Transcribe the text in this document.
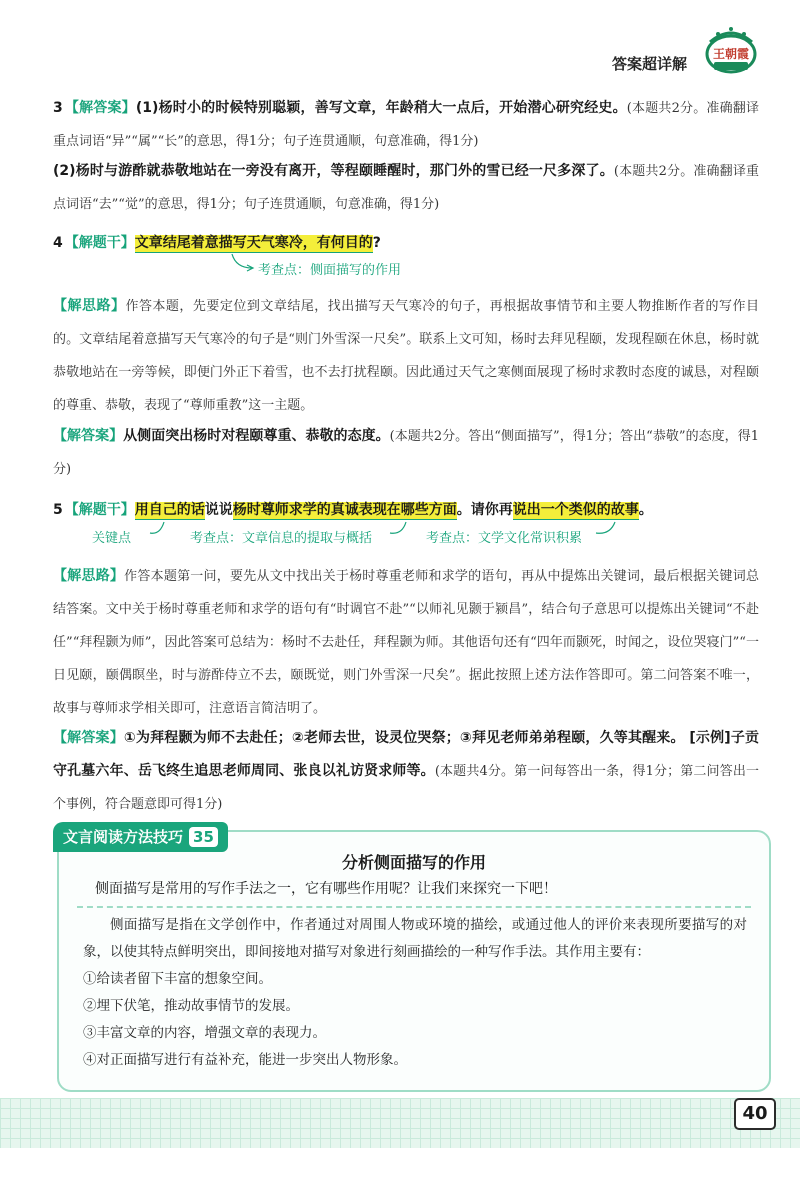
答案超详解
王朝霞
3 【解答案】(1)杨时小的时候特别聪颖，善写文章，年龄稍大一点后，开始潜心研究经史。(本题共2分。准确翻译重点词语“异”“属”“长”的意思，得1分；句子连贯通顺，句意准确，得1分)
(2)杨时与游酢就恭敬地站在一旁没有离开，等程颐睡醒时，那门外的雪已经一尺多深了。(本题共2分。准确翻译重点词语“去”“觉”的意思，得1分；句子连贯通顺，句意准确，得1分)
4 【解题干】文章结尾着意描写天气寒冷，有何目的?
考查点：侧面描写的作用
【解思路】作答本题，先要定位到文章结尾，找出描写天气寒冷的句子，再根据故事情节和主要人物推断作者的写作目的。文章结尾着意描写天气寒冷的句子是“则门外雪深一尺矣”。联系上文可知，杨时去拜见程颐，发现程颐在休息，杨时就恭敬地站在一旁等候，即便门外正下着雪，也不去打扰程颐。因此通过天气之寒侧面展现了杨时求教时态度的诚恳，对程颐的尊重、恭敬，表现了“尊师重教”这一主题。
【解答案】从侧面突出杨时对程颐尊重、恭敬的态度。(本题共2分。答出“侧面描写”，得1分；答出“恭敬”的态度，得1分)
5 【解题干】用自己的话说说杨时尊师求学的真诚表现在哪些方面。请你再说出一个类似的故事。
关键点	考查点：文章信息的提取与概括	考查点：文学文化常识积累
【解思路】作答本题第一问，要先从文中找出关于杨时尊重老师和求学的语句，再从中提炼出关键词，最后根据关键词总结答案。文中关于杨时尊重老师和求学的语句有“时调官不赴”“以师礼见颢于颍昌”，结合句子意思可以提炼出关键词“不赴任”“拜程颢为师”，因此答案可总结为：杨时不去赴任，拜程颢为师。其他语句还有“四年而颢死，时闻之，设位哭寝门”“一日见颐，颐偶瞑坐，时与游酢侍立不去，颐既觉，则门外雪深一尺矣”。据此按照上述方法作答即可。第二问答案不唯一，故事与尊师求学相关即可，注意语言简洁明了。
【解答案】①为拜程颢为师不去赴任；②老师去世，设灵位哭祭；③拜见老师弟弟程颐，久等其醒来。 [示例]子贡守孔墓六年、岳飞终生追思老师周同、张良以礼访贤求师等。(本题共4分。第一问每答出一条，得1分；第二问答出一个事例，符合题意即可得1分)
文言阅读方法技巧 35
分析侧面描写的作用
侧面描写是常用的写作手法之一，它有哪些作用呢？让我们来探究一下吧！

侧面描写是指在文学创作中，作者通过对周围人物或环境的描绘，或通过他人的评价来表现所要描写的对象，以使其特点鲜明突出，即间接地对描写对象进行刻画描绘的一种写作手法。其作用主要有：

①给读者留下丰富的想象空间。

②埋下伏笔，推动故事情节的发展。

③丰富文章的内容，增强文章的表现力。

④对正面描写进行有益补充，能进一步突出人物形象。

40
